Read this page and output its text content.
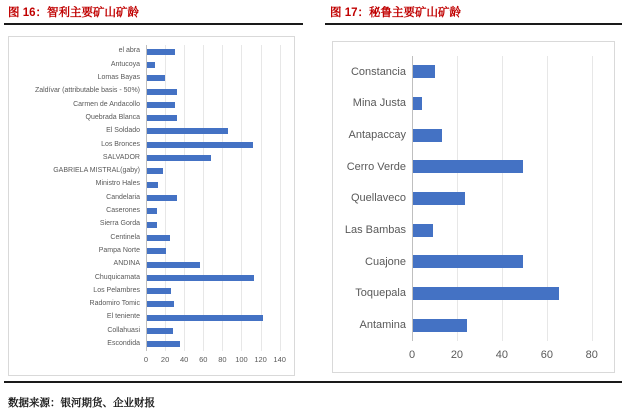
图 16：智利主要矿山矿龄
0	20	40	60	80	100 120 140
el abra
Antucoya
Lomas Bayas
Zaldívar (attributable basis - 50%)
Carmen de Andacollo
Quebrada Blanca
El Soldado
Los Bronces
SALVADOR
GABRIELA MISTRAL(gaby)
Ministro Hales
Candelaria
Caserones
Sierra Gorda
Centinela
Pampa Norte
ANDINA
Chuquicamata
Los Pelambres
Radomiro Tomic
El teniente
Collahuasi
Escondida
图 17：秘鲁主要矿山矿龄
0	20	40	60	80
Constancia
Mina Justa
Antapaccay
Cerro Verde
Quellaveco
Las Bambas
Cuajone
Toquepala
Antamina
数据来源：银河期货、企业财报
